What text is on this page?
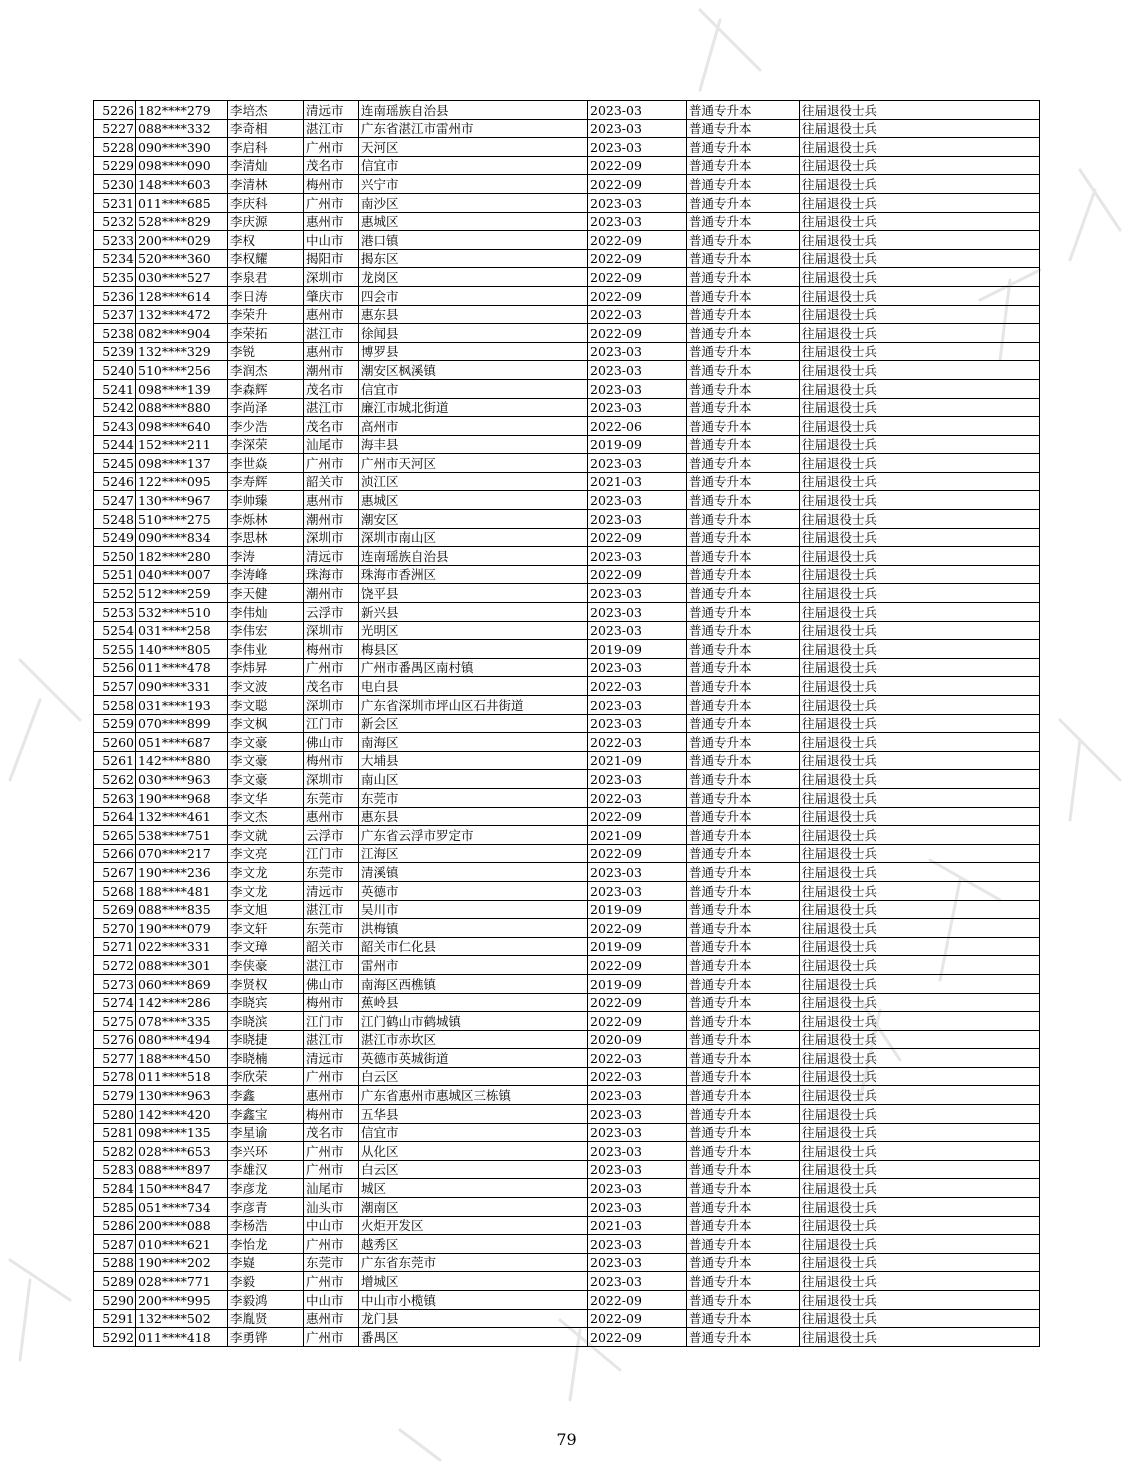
5226	182****279	李培杰	清远市	连南瑶族自治县	2023-03	普通专升本	往届退役士兵
5227	088****332	李奇相	湛江市	广东省湛江市雷州市	2023-03	普通专升本	往届退役士兵
5228	090****390	李启科	广州市	天河区	2023-03	普通专升本	往届退役士兵
5229	098****090	李清灿	茂名市	信宜市	2022-09	普通专升本	往届退役士兵
5230	148****603	李清林	梅州市	兴宁市	2022-09	普通专升本	往届退役士兵
5231	011****685	李庆科	广州市	南沙区	2023-03	普通专升本	往届退役士兵
5232	528****829	李庆源	惠州市	惠城区	2023-03	普通专升本	往届退役士兵
5233	200****029	李权	中山市	港口镇	2022-09	普通专升本	往届退役士兵
5234	520****360	李权耀	揭阳市	揭东区	2022-09	普通专升本	往届退役士兵
5235	030****527	李泉君	深圳市	龙岗区	2022-09	普通专升本	往届退役士兵
5236	128****614	李日涛	肇庆市	四会市	2022-09	普通专升本	往届退役士兵
5237	132****472	李荣升	惠州市	惠东县	2022-03	普通专升本	往届退役士兵
5238	082****904	李荣拓	湛江市	徐闻县	2022-09	普通专升本	往届退役士兵
5239	132****329	李锐	惠州市	博罗县	2023-03	普通专升本	往届退役士兵
5240	510****256	李润杰	潮州市	潮安区枫溪镇	2023-03	普通专升本	往届退役士兵
5241	098****139	李森辉	茂名市	信宜市	2023-03	普通专升本	往届退役士兵
5242	088****880	李尚泽	湛江市	廉江市城北街道	2023-03	普通专升本	往届退役士兵
5243	098****640	李少浩	茂名市	高州市	2022-06	普通专升本	往届退役士兵
5244	152****211	李深荣	汕尾市	海丰县	2019-09	普通专升本	往届退役士兵
5245	098****137	李世焱	广州市	广州市天河区	2023-03	普通专升本	往届退役士兵
5246	122****095	李寿辉	韶关市	浈江区	2021-03	普通专升本	往届退役士兵
5247	130****967	李帅臻	惠州市	惠城区	2023-03	普通专升本	往届退役士兵
5248	510****275	李烁林	潮州市	潮安区	2023-03	普通专升本	往届退役士兵
5249	090****834	李思林	深圳市	深圳市南山区	2022-09	普通专升本	往届退役士兵
5250	182****280	李涛	清远市	连南瑶族自治县	2023-03	普通专升本	往届退役士兵
5251	040****007	李涛峰	珠海市	珠海市香洲区	2022-09	普通专升本	往届退役士兵
5252	512****259	李天健	潮州市	饶平县	2023-03	普通专升本	往届退役士兵
5253	532****510	李伟灿	云浮市	新兴县	2023-03	普通专升本	往届退役士兵
5254	031****258	李伟宏	深圳市	光明区	2023-03	普通专升本	往届退役士兵
5255	140****805	李伟业	梅州市	梅县区	2019-09	普通专升本	往届退役士兵
5256	011****478	李炜昇	广州市	广州市番禺区南村镇	2023-03	普通专升本	往届退役士兵
5257	090****331	李文波	茂名市	电白县	2022-03	普通专升本	往届退役士兵
5258	031****193	李文聪	深圳市	广东省深圳市坪山区石井街道	2023-03	普通专升本	往届退役士兵
5259	070****899	李文枫	江门市	新会区	2023-03	普通专升本	往届退役士兵
5260	051****687	李文豪	佛山市	南海区	2022-03	普通专升本	往届退役士兵
5261	142****880	李文豪	梅州市	大埔县	2021-09	普通专升本	往届退役士兵
5262	030****963	李文豪	深圳市	南山区	2023-03	普通专升本	往届退役士兵
5263	190****968	李文华	东莞市	东莞市	2022-03	普通专升本	往届退役士兵
5264	132****461	李文杰	惠州市	惠东县	2022-09	普通专升本	往届退役士兵
5265	538****751	李文就	云浮市	广东省云浮市罗定市	2021-09	普通专升本	往届退役士兵
5266	070****217	李文亮	江门市	江海区	2022-09	普通专升本	往届退役士兵
5267	190****236	李文龙	东莞市	清溪镇	2023-03	普通专升本	往届退役士兵
5268	188****481	李文龙	清远市	英德市	2023-03	普通专升本	往届退役士兵
5269	088****835	李文旭	湛江市	吴川市	2019-09	普通专升本	往届退役士兵
5270	190****079	李文轩	东莞市	洪梅镇	2022-09	普通专升本	往届退役士兵
5271	022****331	李文璋	韶关市	韶关市仁化县	2019-09	普通专升本	往届退役士兵
5272	088****301	李侠豪	湛江市	雷州市	2022-09	普通专升本	往届退役士兵
5273	060****869	李贤权	佛山市	南海区西樵镇	2019-09	普通专升本	往届退役士兵
5274	142****286	李晓宾	梅州市	蕉岭县	2022-09	普通专升本	往届退役士兵
5275	078****335	李晓滨	江门市	江门鹤山市鹤城镇	2022-09	普通专升本	往届退役士兵
5276	080****494	李晓捷	湛江市	湛江市赤坎区	2020-09	普通专升本	往届退役士兵
5277	188****450	李晓楠	清远市	英德市英城街道	2022-03	普通专升本	往届退役士兵
5278	011****518	李欣荣	广州市	白云区	2022-03	普通专升本	往届退役士兵
5279	130****963	李鑫	惠州市	广东省惠州市惠城区三栋镇	2023-03	普通专升本	往届退役士兵
5280	142****420	李鑫宝	梅州市	五华县	2023-03	普通专升本	往届退役士兵
5281	098****135	李星谕	茂名市	信宜市	2023-03	普通专升本	往届退役士兵
5282	028****653	李兴环	广州市	从化区	2023-03	普通专升本	往届退役士兵
5283	088****897	李雄汉	广州市	白云区	2023-03	普通专升本	往届退役士兵
5284	150****847	李彦龙	汕尾市	城区	2023-03	普通专升本	往届退役士兵
5285	051****734	李彦青	汕头市	潮南区	2023-03	普通专升本	往届退役士兵
5286	200****088	李杨浩	中山市	火炬开发区	2021-03	普通专升本	往届退役士兵
5287	010****621	李怡龙	广州市	越秀区	2023-03	普通专升本	往届退役士兵
5288	190****202	李嶷	东莞市	广东省东莞市	2023-03	普通专升本	往届退役士兵
5289	028****771	李毅	广州市	增城区	2023-03	普通专升本	往届退役士兵
5290	200****995	李毅鸿	中山市	中山市小榄镇	2022-09	普通专升本	往届退役士兵
5291	132****502	李胤贤	惠州市	龙门县	2022-09	普通专升本	往届退役士兵
5292	011****418	李勇铧	广州市	番禺区	2022-09	普通专升本	往届退役士兵
79
